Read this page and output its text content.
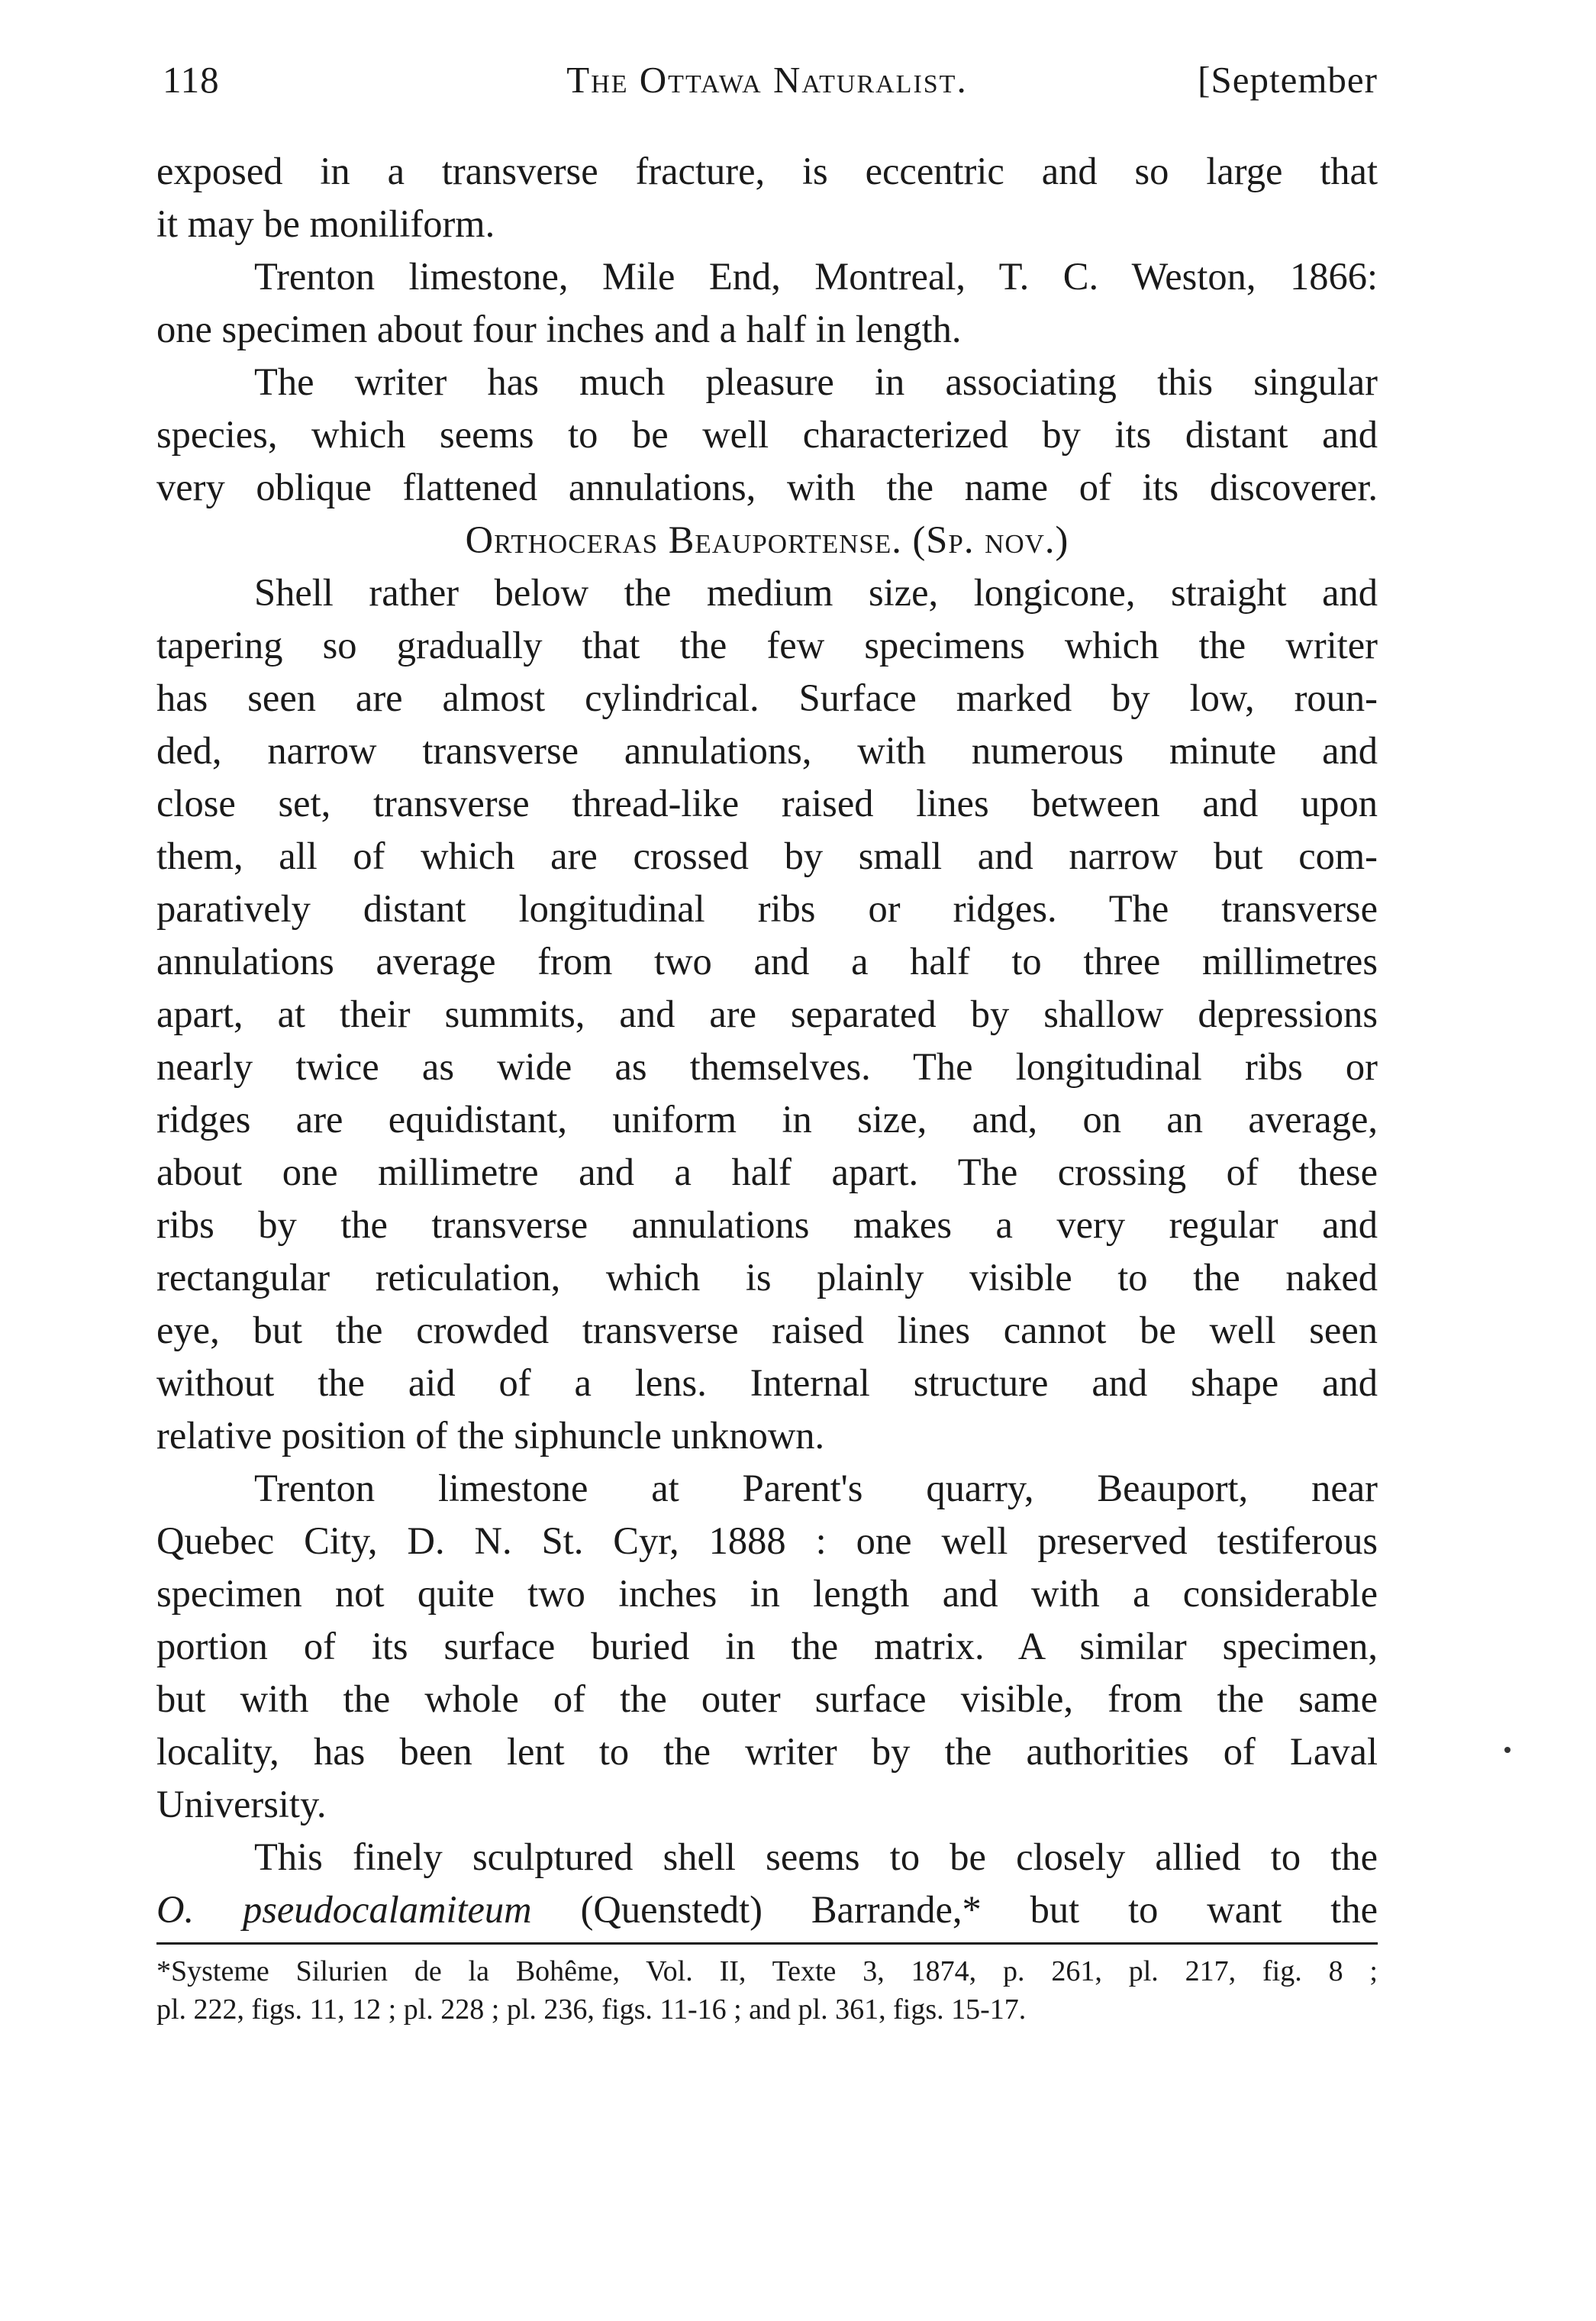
118	The Ottawa Naturalist.	[September
exposed in a transverse fracture, is eccentric and so large that
it may be moniliform.
Trenton limestone, Mile End, Montreal, T. C. Weston, 1866:
one specimen about four inches and a half in length.
The writer has much pleasure in associating this singular
species, which seems to be well characterized by its distant and
very oblique flattened annulations, with the name of its discoverer.
Orthoceras Beauportense. (Sp. nov.)
Shell rather below the medium size, longicone, straight and
tapering so gradually that the few specimens which the writer
has seen are almost cylindrical. Surface marked by low, roun-
ded, narrow transverse annulations, with numerous minute and
close set, transverse thread-like raised lines between and upon
them, all of which are crossed by small and narrow but com-
paratively distant longitudinal ribs or ridges. The transverse
annulations average from two and a half to three millimetres
apart, at their summits, and are separated by shallow depressions
nearly twice as wide as themselves. The longitudinal ribs or
ridges are equidistant, uniform in size, and, on an average,
about one millimetre and a half apart. The crossing of these
ribs by the transverse annulations makes a very regular and
rectangular reticulation, which is plainly visible to the naked
eye, but the crowded transverse raised lines cannot be well seen
without the aid of a lens. Internal structure and shape and
relative position of the siphuncle unknown.
Trenton limestone at Parent's quarry, Beauport, near
Quebec City, D. N. St. Cyr, 1888 : one well preserved testiferous
specimen not quite two inches in length and with a considerable
portion of its surface buried in the matrix. A similar specimen,
but with the whole of the outer surface visible, from the same
locality, has been lent to the writer by the authorities of Laval
University.
This finely sculptured shell seems to be closely allied to the
O. pseudocalamiteum (Quenstedt) Barrande,* but to want the
*Systeme Silurien de la Bohême, Vol. II, Texte 3, 1874, p. 261, pl. 217, fig. 8 ;
pl. 222, figs. 11, 12 ; pl. 228 ; pl. 236, figs. 11-16 ; and pl. 361, figs. 15-17.
